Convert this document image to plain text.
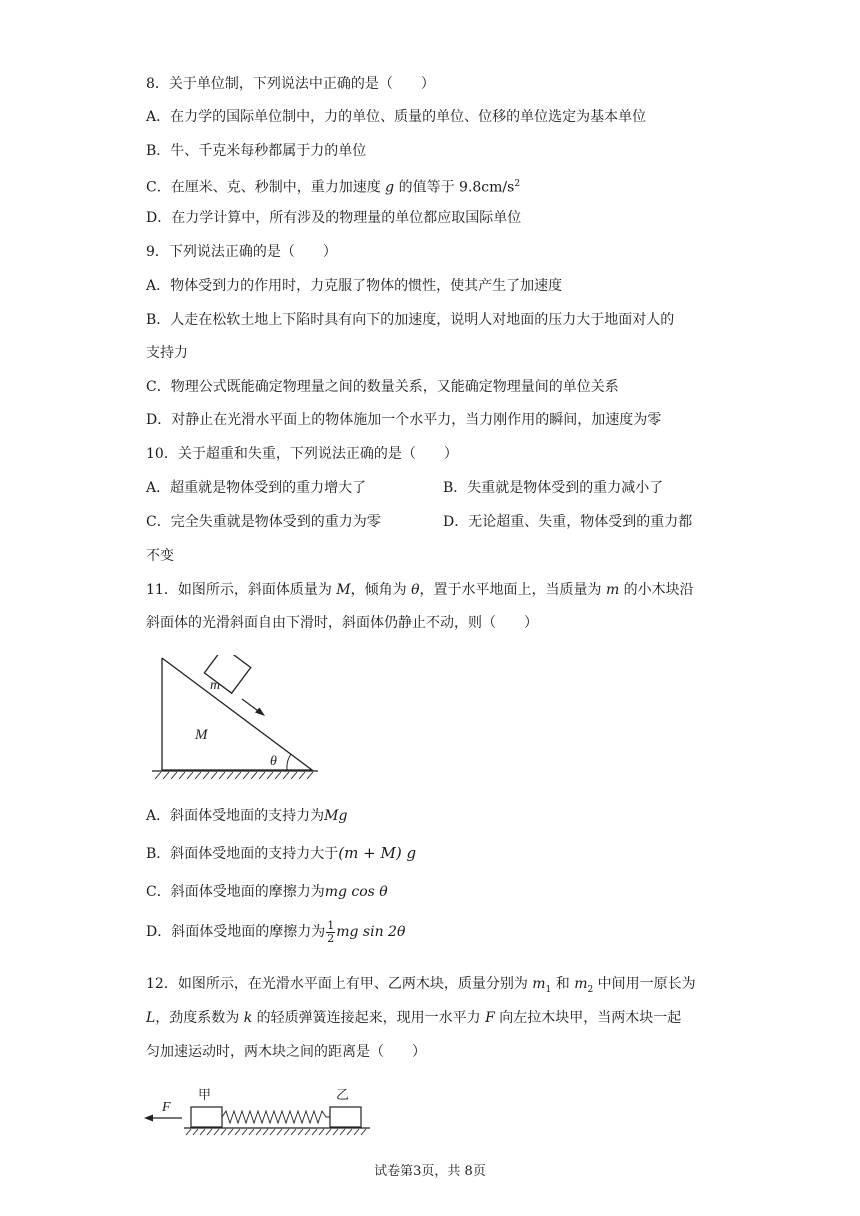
8．关于单位制，下列说法中正确的是（　　）
A．在力学的国际单位制中，力的单位、质量的单位、位移的单位选定为基本单位
B．牛、千克米每秒都属于力的单位
C．在厘米、克、秒制中，重力加速度 g 的值等于 $9.8cm/s^2$
D．在力学计算中，所有涉及的物理量的单位都应取国际单位
9．下列说法正确的是（　　）
A．物体受到力的作用时，力克服了物体的惯性，使其产生了加速度
B．人走在松软土地上下陷时具有向下的加速度，说明人对地面的压力大于地面对人的
支持力
C．物理公式既能确定物理量之间的数量关系，又能确定物理量间的单位关系
D．对静止在光滑水平面上的物体施加一个水平力，当力刚作用的瞬间，加速度为零
10．关于超重和失重，下列说法正确的是（　　）
A．超重就是物体受到的重力增大了	B．失重就是物体受到的重力减小了
C．完全失重就是物体受到的重力为零	D．无论超重、失重，物体受到的重力都
不变
11．如图所示，斜面体质量为 M，倾角为 θ，置于水平地面上，当质量为 m 的小木块沿
斜面体的光滑斜面自由下滑时，斜面体仍静止不动，则（　　）
m
M
θ
A．斜面体受地面的支持力为Mg
B．斜面体受地面的支持力大于(m + M) g
C．斜面体受地面的摩擦力为mg cos θ
D．斜面体受地面的摩擦力为 $\frac{1}{2}$ mg sin 2θ
12．如图所示，在光滑水平面上有甲、乙两木块，质量分别为 $m_1$ 和 $m_2$ 中间用一原长为
L，劲度系数为 k 的轻质弹簧连接起来，现用一水平力 F 向左拉木块甲，当两木块一起
匀加速运动时，两木块之间的距离是（　　）
F
甲	乙
试卷第3页，共 8页
